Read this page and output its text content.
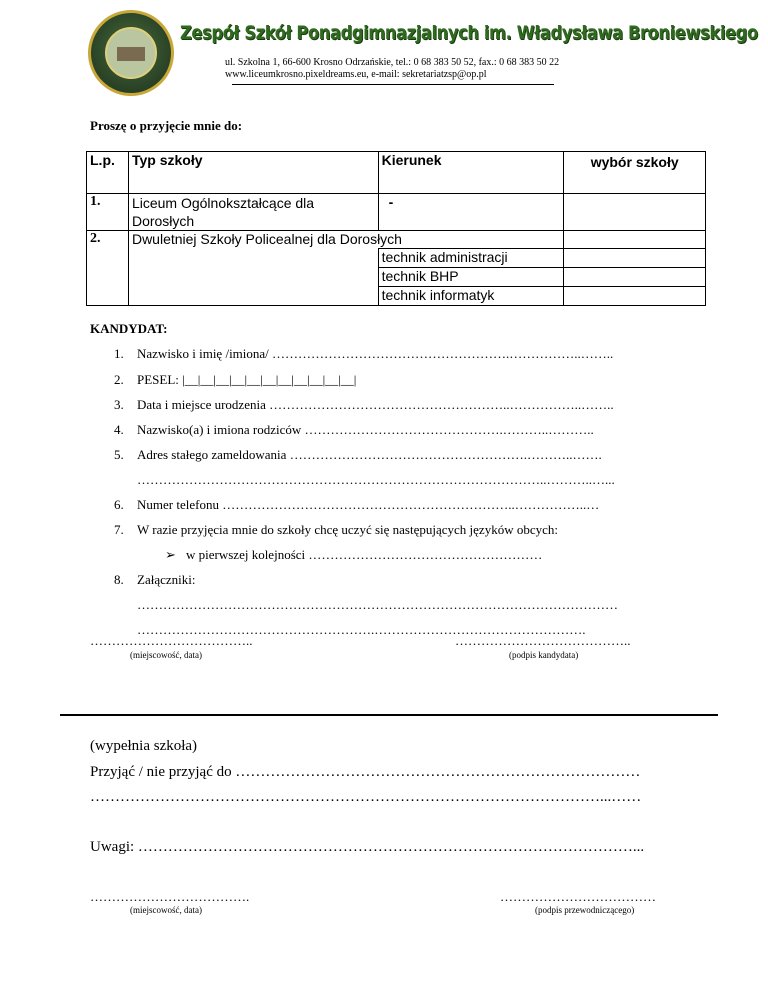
Zespół Szkół Ponadgimnazjalnych im. Władysława Broniewskiego
ul. Szkolna 1, 66-600 Krosno Odrzańskie, tel.: 0 68 383 50 52, fax.: 0 68 383 50 22
www.liceumkrosno.pixeldreams.eu, e-mail: sekretariatzsp@op.pl
Proszę o przyjęcie mnie do:
L.p.	Typ szkoły	Kierunek	wybór szkoły
1.	Liceum Ogólnokształcące dla Dorosłych	-	
2.	Dwuletniej Szkoły Policealnej dla Dorosłych		
		technik administracji	
		technik BHP	
		technik informatyk	
KANDYDAT:
1. Nazwisko i imię /imiona/ ……………………………………………….……………..……..
2. PESEL: |__|__|__|__|__|__|__|__|__|__|__|
3. Data i miejsce urodzenia ………………………………………………..……………..……..
4. Nazwisko(a) i imiona rodziców ……………………………………….………..………..
5. Adres stałego zameldowania ……………………………………………….………..…….
…………………………………………………………………………………..………..…...
6. Numer telefonu …………………………………………………………..……………..…
7. W razie przyjęcia mnie do szkoły chcę uczyć się następujących języków obcych:
➢ w pierwszej kolejności ………………………………………………
8. Załączniki:
…………………………………………………………………………………………………
……………………………………………….………………………………………….
………………………………..
(miejscowość, data)
…………………………………..
(podpis kandydata)
(wypełnia szkoła)
Przyjąć / nie przyjąć do ………………………………………………………………………
…………………………………………………………………………………………...……
Uwagi: ………………………………………………………………………………………...
……………………………….
(miejscowość, data)
………………………………
(podpis przewodniczącego)
